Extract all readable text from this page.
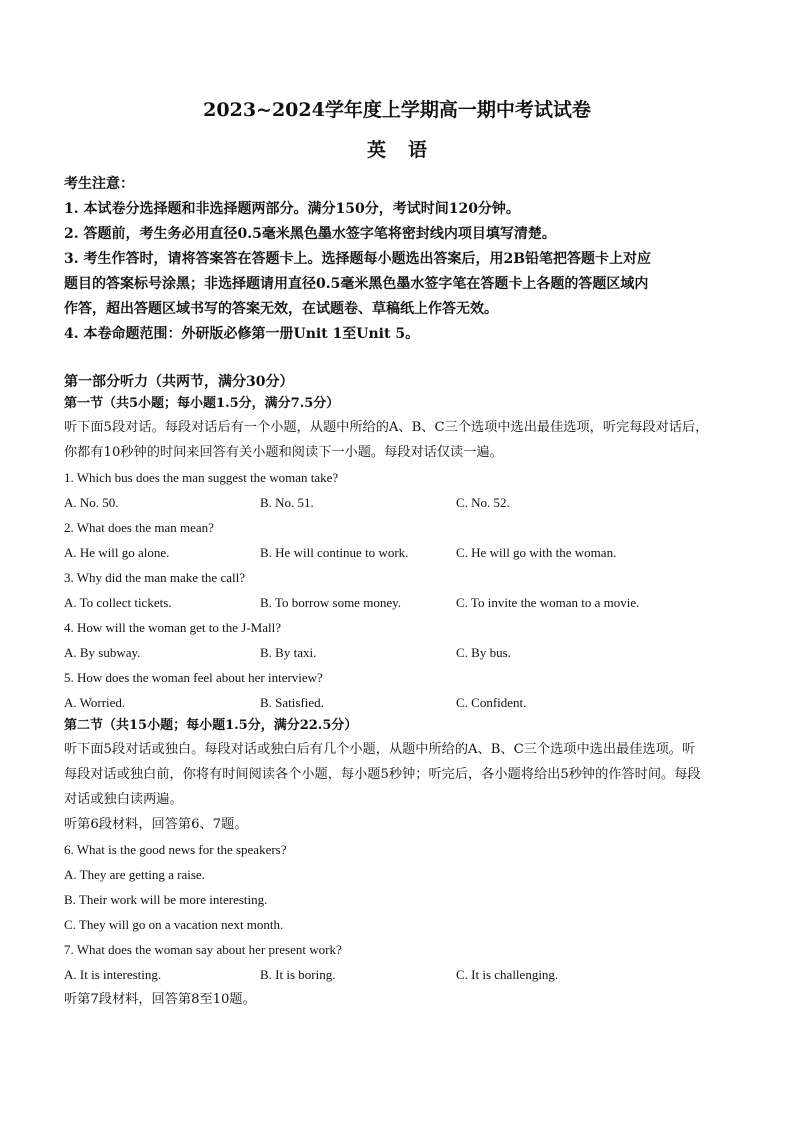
2023~2024学年度上学期高一期中考试试卷
英语
考生注意：
1. 本试卷分选择题和非选择题两部分。满分150分，考试时间120分钟。
2. 答题前，考生务必用直径0.5毫米黑色墨水签字笔将密封线内项目填写清楚。
3. 考生作答时，请将答案答在答题卡上。选择题每小题选出答案后，用2B铅笔把答题卡上对应
题目的答案标号涂黑；非选择题请用直径0.5毫米黑色墨水签字笔在答题卡上各题的答题区域内
作答，超出答题区域书写的答案无效，在试题卷、草稿纸上作答无效。
4. 本卷命题范围：外研版必修第一册Unit 1至Unit 5。
第一部分听力（共两节，满分30分）
第一节（共5小题；每小题1.5分，满分7.5分）
听下面5段对话。每段对话后有一个小题，从题中所给的A、B、C三个选项中选出最佳选项，听完每段对话后，
你都有10秒钟的时间来回答有关小题和阅读下一小题。每段对话仅读一遍。
1. Which bus does the man suggest the woman take?
A. No. 50.	B. No. 51.	C. No. 52.
2. What does the man mean?
A. He will go alone.	B. He will continue to work.	C. He will go with the woman.
3. Why did the man make the call?
A. To collect tickets.	B. To borrow some money.	C. To invite the woman to a movie.
4. How will the woman get to the J-Mall?
A. By subway.	B. By taxi.	C. By bus.
5. How does the woman feel about her interview?
A. Worried.	B. Satisfied.	C. Confident.
第二节（共15小题；每小题1.5分，满分22.5分）
听下面5段对话或独白。每段对话或独白后有几个小题，从题中所给的A、B、C三个选项中选出最佳选项。听
每段对话或独白前，你将有时间阅读各个小题，每小题5秒钟；听完后，各小题将给出5秒钟的作答时间。每段
对话或独白读两遍。
听第6段材料，回答第6、7题。
6. What is the good news for the speakers?
A. They are getting a raise.
B. Their work will be more interesting.
C. They will go on a vacation next month.
7. What does the woman say about her present work?
A. It is interesting.	B. It is boring.	C. It is challenging.
听第7段材料，回答第8至10题。
